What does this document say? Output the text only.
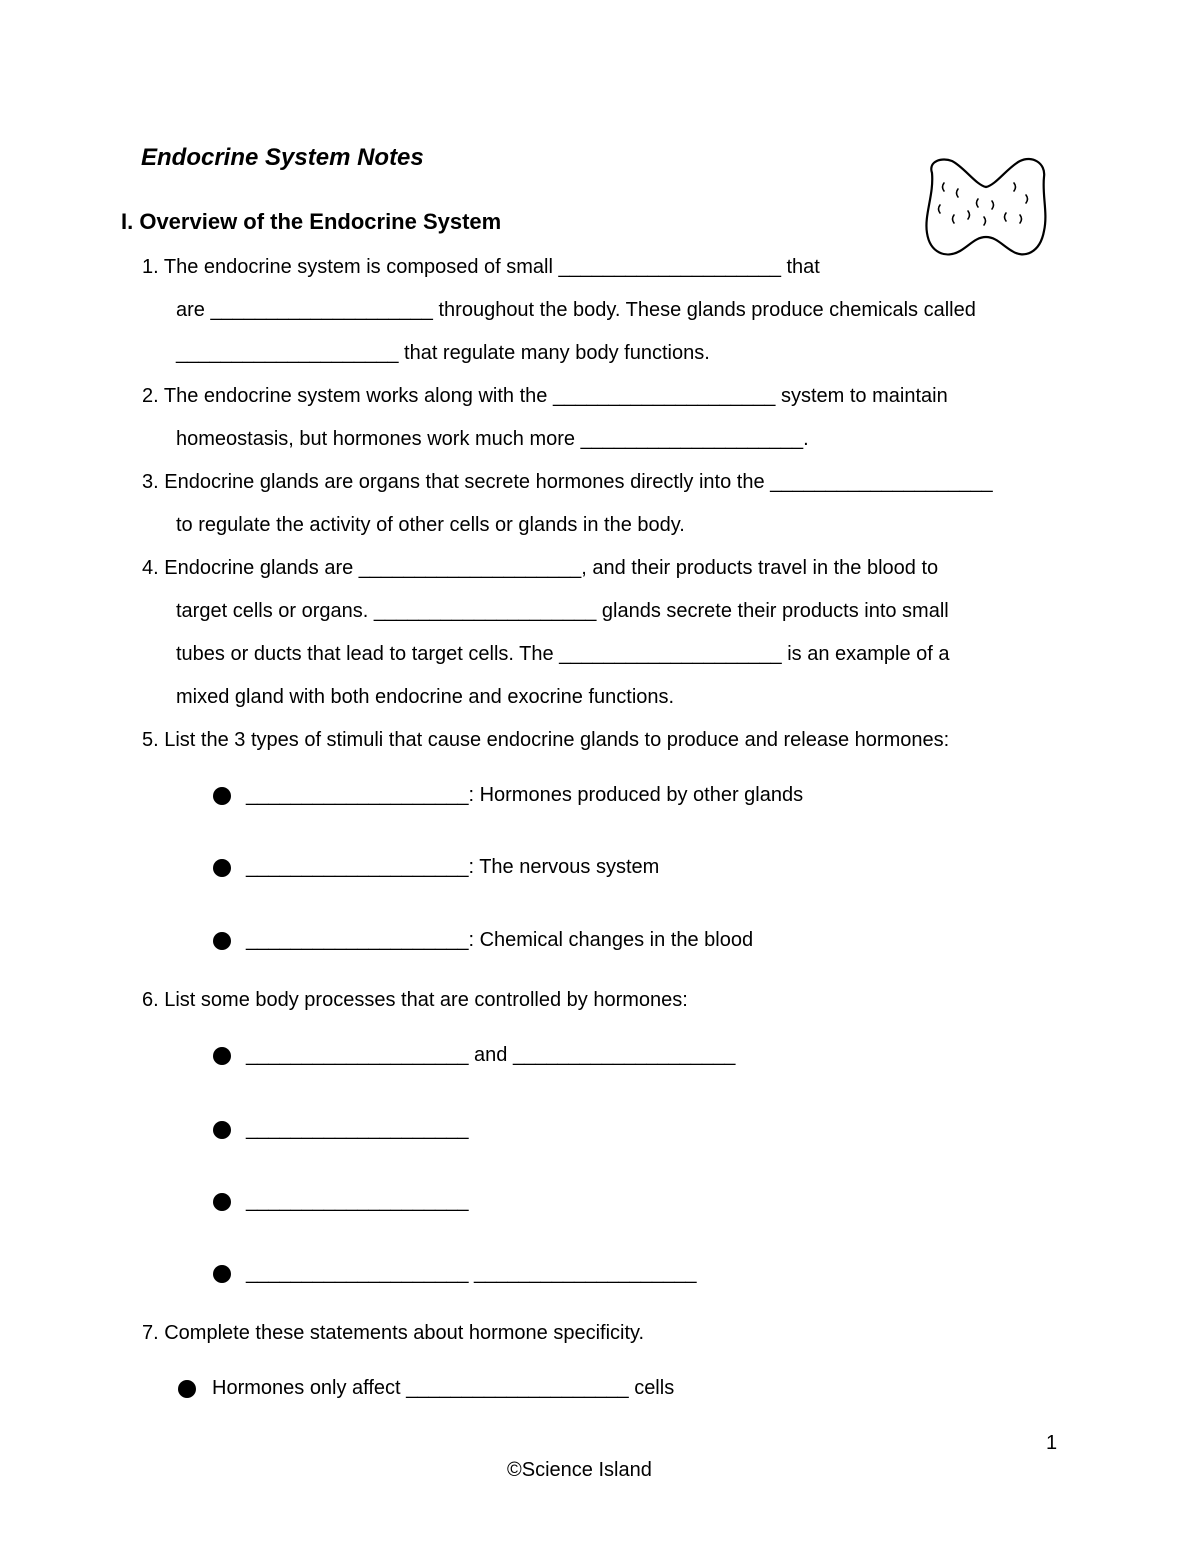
Endocrine System Notes
I. Overview of the Endocrine System
1. The endocrine system is composed of small ____________________ that
are ____________________ throughout the body. These glands produce chemicals called
____________________ that regulate many body functions.
2. The endocrine system works along with the ____________________ system to maintain
homeostasis, but hormones work much more ____________________.
3. Endocrine glands are organs that secrete hormones directly into the ____________________
to regulate the activity of other cells or glands in the body.
4. Endocrine glands are ____________________, and their products travel in the blood to
target cells or organs. ____________________ glands secrete their products into small
tubes or ducts that lead to target cells. The ____________________ is an example of a
mixed gland with both endocrine and exocrine functions.
5. List the 3 types of stimuli that cause endocrine glands to produce and release hormones:
____________________: Hormones produced by other glands
____________________: The nervous system
____________________: Chemical changes in the blood
6. List some body processes that are controlled by hormones:
____________________ and ____________________
____________________
____________________
____________________ ____________________
7. Complete these statements about hormone specificity.
Hormones only affect ____________________ cells
1
©Science Island
